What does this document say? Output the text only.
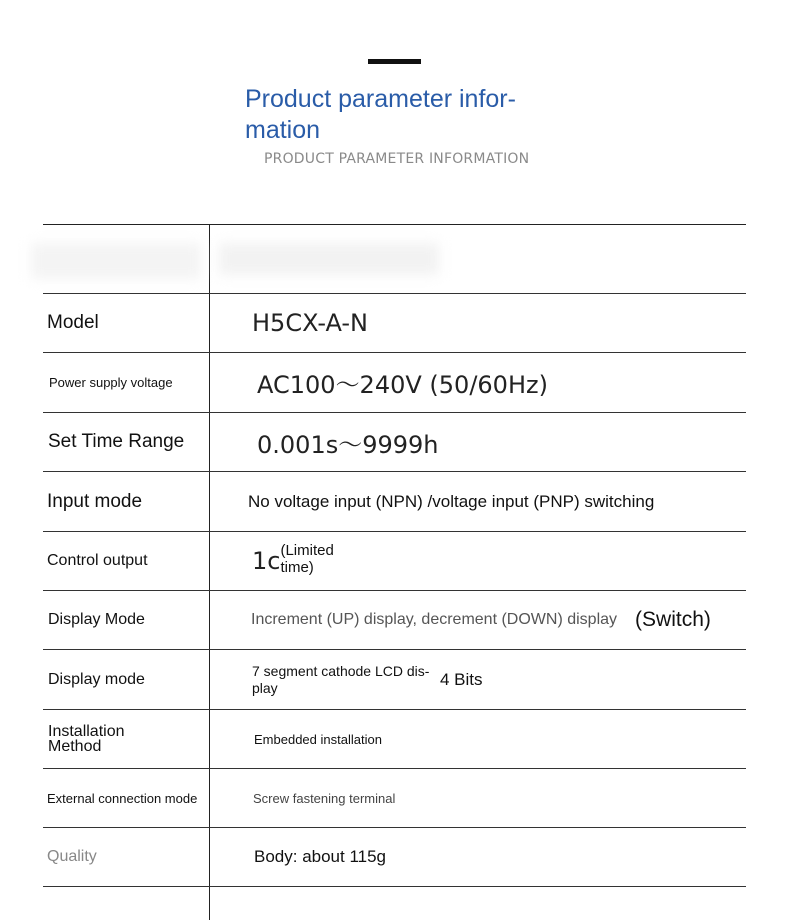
Product parameter infor- mation
PRODUCT PARAMETER INFORMATION
Model	H5CX-A-N
Power supply voltage	AC100～240V (50/60Hz)
Set Time Range	0.001s～9999h
Input mode	No voltage input (NPN) /voltage input (PNP) switching
Control output	1c (Limited time)
Display Mode	Increment (UP) display, decrement (DOWN) display (Switch)
Display mode	7 segment cathode LCD dis- play	4 Bits
Installation Method	Embedded installation
External connection mode	Screw fastening terminal
Quality	Body: about 115g
